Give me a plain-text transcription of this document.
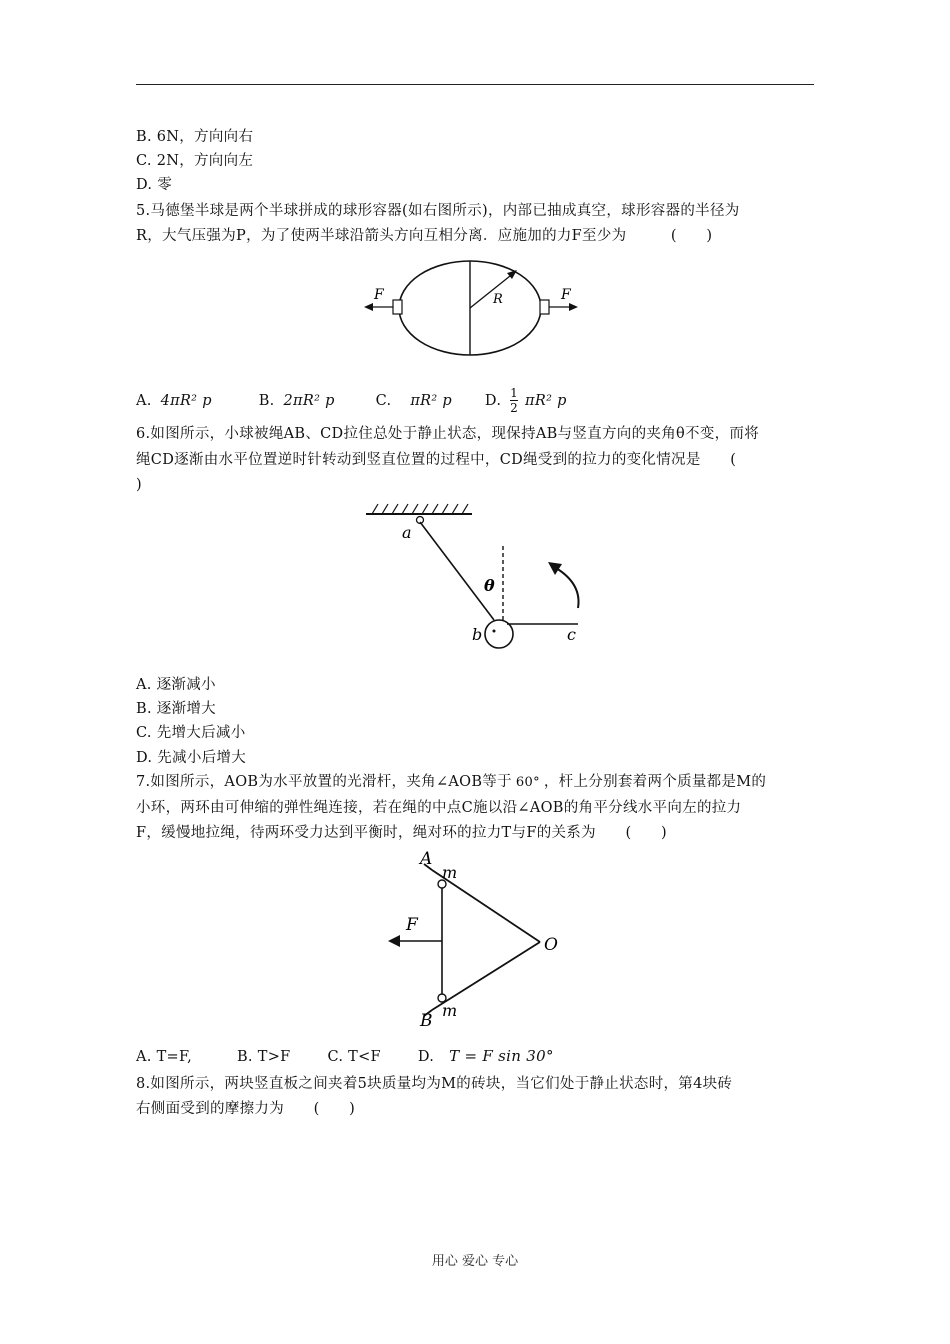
B. 6N，方向向右
C. 2N，方向向左
D. 零
5.马德堡半球是两个半球拼成的球形容器(如右图所示)，内部已抽成真空，球形容器的半径为
R，大气压强为P，为了使两半球沿箭头方向互相分离．应施加的力F至少为　　　(　　)
R
F	F
A. 4πR² p	B. 2πR² p	C. πR² p D. $\frac{1}{2} \pi R^2$ p
6.如图所示，小球被绳AB、CD拉住总处于静止状态，现保持AB与竖直方向的夹角θ不变，而将
绳CD逐渐由水平位置逆时针转动到竖直位置的过程中，CD绳受到的拉力的变化情况是　　(
)
a
θ
b	c
A. 逐渐减小
B. 逐渐增大
C. 先增大后减小
D. 先减小后增大
7.如图所示，AOB为水平放置的光滑杆，夹角∠AOB等于 60° ，杆上分别套着两个质量都是M的
小环，两环由可伸缩的弹性绳连接，若在绳的中点C施以沿∠AOB的角平分线水平向左的拉力
F，缓慢地拉绳，待两环受力达到平衡时，绳对环的拉力T与F的关系为　　(　　)
F
A
m
O
B
m
A. T=F,	B. T>F	C. T<F	D. T = F sin 30°
8.如图所示，两块竖直板之间夹着5块质量均为M的砖块，当它们处于静止状态时，第4块砖
右侧面受到的摩擦力为　　(　　)
用心 爱心 专心
